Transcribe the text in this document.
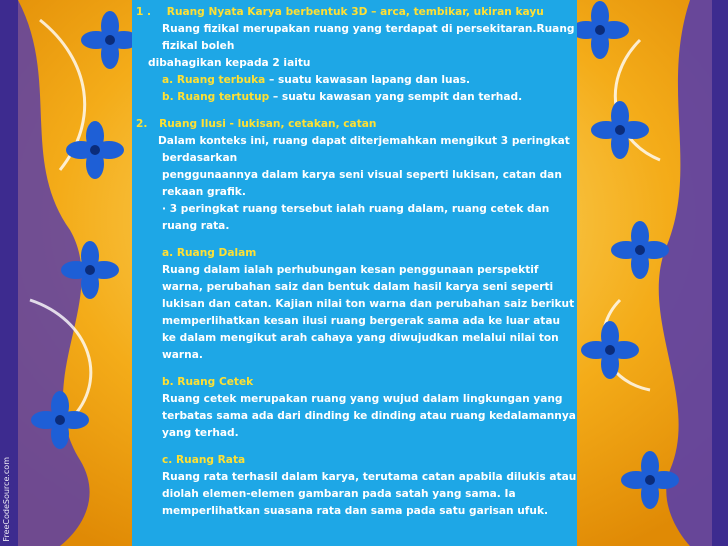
1 . Ruang Nyata Karya berbentuk 3D – arca, tembikar, ukiran kayu
Ruang fizikal merupakan ruang yang terdapat di persekitaran.Ruang
fizikal boleh
dibahagikan kepada 2 iaitu
a. Ruang terbuka – suatu kawasan lapang dan luas.
b. Ruang tertutup – suatu kawasan yang sempit dan terhad.
2. Ruang Ilusi - lukisan, cetakan, catan
Dalam konteks ini, ruang dapat diterjemahkan mengikut 3 peringkat
berdasarkan
penggunaannya dalam karya seni visual seperti lukisan, catan dan
rekaan grafik.
· 3 peringkat ruang tersebut ialah ruang dalam, ruang cetek dan
ruang rata.
a. Ruang Dalam
Ruang dalam ialah perhubungan kesan penggunaan perspektif
warna, perubahan saiz dan bentuk dalam hasil karya seni seperti
lukisan dan catan. Kajian nilai ton warna dan perubahan saiz berikut
memperlihatkan kesan ilusi ruang bergerak sama ada ke luar atau
ke dalam mengikut arah cahaya yang diwujudkan melalui nilai ton
warna.
b. Ruang Cetek
Ruang cetek merupakan ruang yang wujud dalam lingkungan yang
terbatas sama ada dari dinding ke dinding atau ruang kedalamannya
yang terhad.
c. Ruang Rata
Ruang rata terhasil dalam karya, terutama catan apabila dilukis atau
diolah elemen-elemen gambaran pada satah yang sama. Ia
memperlihatkan suasana rata dan sama pada satu garisan ufuk.
FreeCodeSource.com
